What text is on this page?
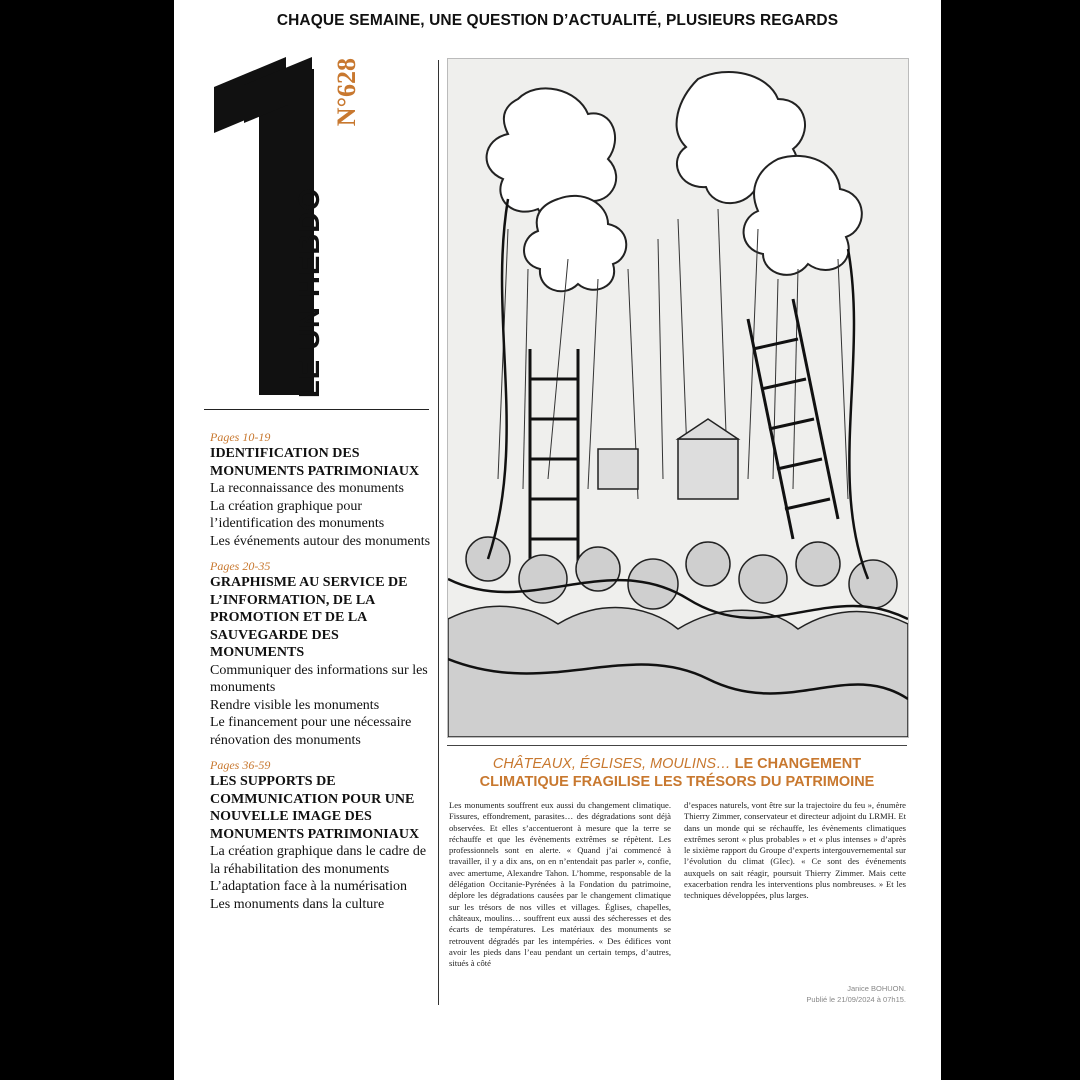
CHAQUE SEMAINE, UNE QUESTION D’ACTUALITÉ, PLUSIEURS REGARDS
LE UN HEBDO
N°628
Pages 10-19
IDENTIFICATION DES MONUMENTS PATRIMONIAUX
La reconnaissance des monuments
La création graphique pour l’identification des monuments
Les événements autour des monuments
Pages 20-35
GRAPHISME AU SERVICE DE L’INFORMATION, DE LA PROMOTION ET DE LA SAUVEGARDE DES MONUMENTS
Communiquer des informations sur les monuments
Rendre visible les monuments
Le financement pour une nécessaire rénovation des monuments
Pages 36-59
LES SUPPORTS DE COMMUNICATION POUR UNE NOUVELLE IMAGE DES MONUMENTS PATRIMONIAUX
La création graphique dans le cadre de la réhabilitation des monuments
L’adaptation face à la numérisation
Les monuments dans la culture
CHÂTEAUX, ÉGLISES, MOULINS… LE CHANGEMENT CLIMATIQUE FRAGILISE LES TRÉSORS DU PATRIMOINE
Les monuments souffrent eux aussi du changement climatique. Fissures, effondrement, parasites… des dégradations sont déjà observées. Et elles s’accentueront à mesure que la terre se réchauffe et que les évènements extrêmes se répètent. Les professionnels sont en alerte. « Quand j’ai commencé à travailler, il y a dix ans, on en n’entendait pas parler », confie, avec amertume, Alexandre Tahon. L’homme, responsable de la délégation Occitanie-Pyrénées à la Fondation du patrimoine, déplore les dégradations causées par le changement climatique sur les trésors de nos villes et villages. Églises, chapelles, châteaux, moulins… souffrent eux aussi des sécheresses et des écarts de températures. Les matériaux des monuments se retrouvent dégradés par les intempéries. « Des édifices vont avoir les pieds dans l’eau pendant un certain temps, d’autres, situés à côté
d’espaces naturels, vont être sur la trajectoire du feu », énumère Thierry Zimmer, conservateur et directeur adjoint du LRMH. Et dans un monde qui se réchauffe, les évènements climatiques extrêmes seront « plus probables » et « plus intenses » d’après le sixième rapport du Groupe d’experts intergouvernemental sur l’évolution du climat (GIec). « Ce sont des événements auxquels on sait réagir, poursuit Thierry Zimmer. Mais cette exacerbation rendra les interventions plus nombreuses. » Et les techniques développées, plus larges.
Janice BOHUON.
Publié le 21/09/2024 à 07h15.
